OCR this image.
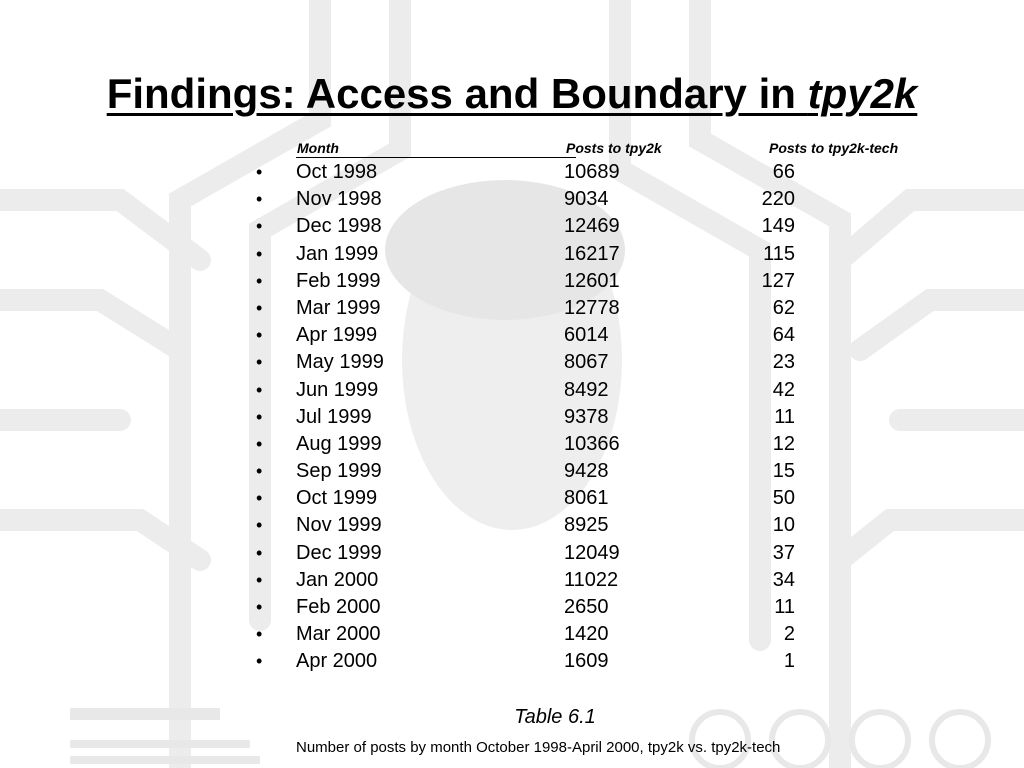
Findings: Access and Boundary in tpy2k
Month	Posts to tpy2k	Posts to tpy2k-tech
• Oct 1998	10689	66
• Nov 1998	9034	220
• Dec 1998	12469	149
• Jan 1999	16217	115
• Feb 1999	12601	127
• Mar 1999	12778	62
• Apr 1999	6014	64
• May 1999	8067	23
• Jun 1999	8492	42
• Jul 1999	9378	11
• Aug 1999	10366	12
• Sep 1999	9428	15
• Oct 1999	8061	50
• Nov 1999	8925	10
• Dec 1999	12049	37
• Jan 2000	11022	34
• Feb 2000	2650	11
• Mar 2000	1420	2
• Apr 2000	1609	1
Table 6.1
Number of posts by month October 1998-April 2000, tpy2k vs. tpy2k-tech
